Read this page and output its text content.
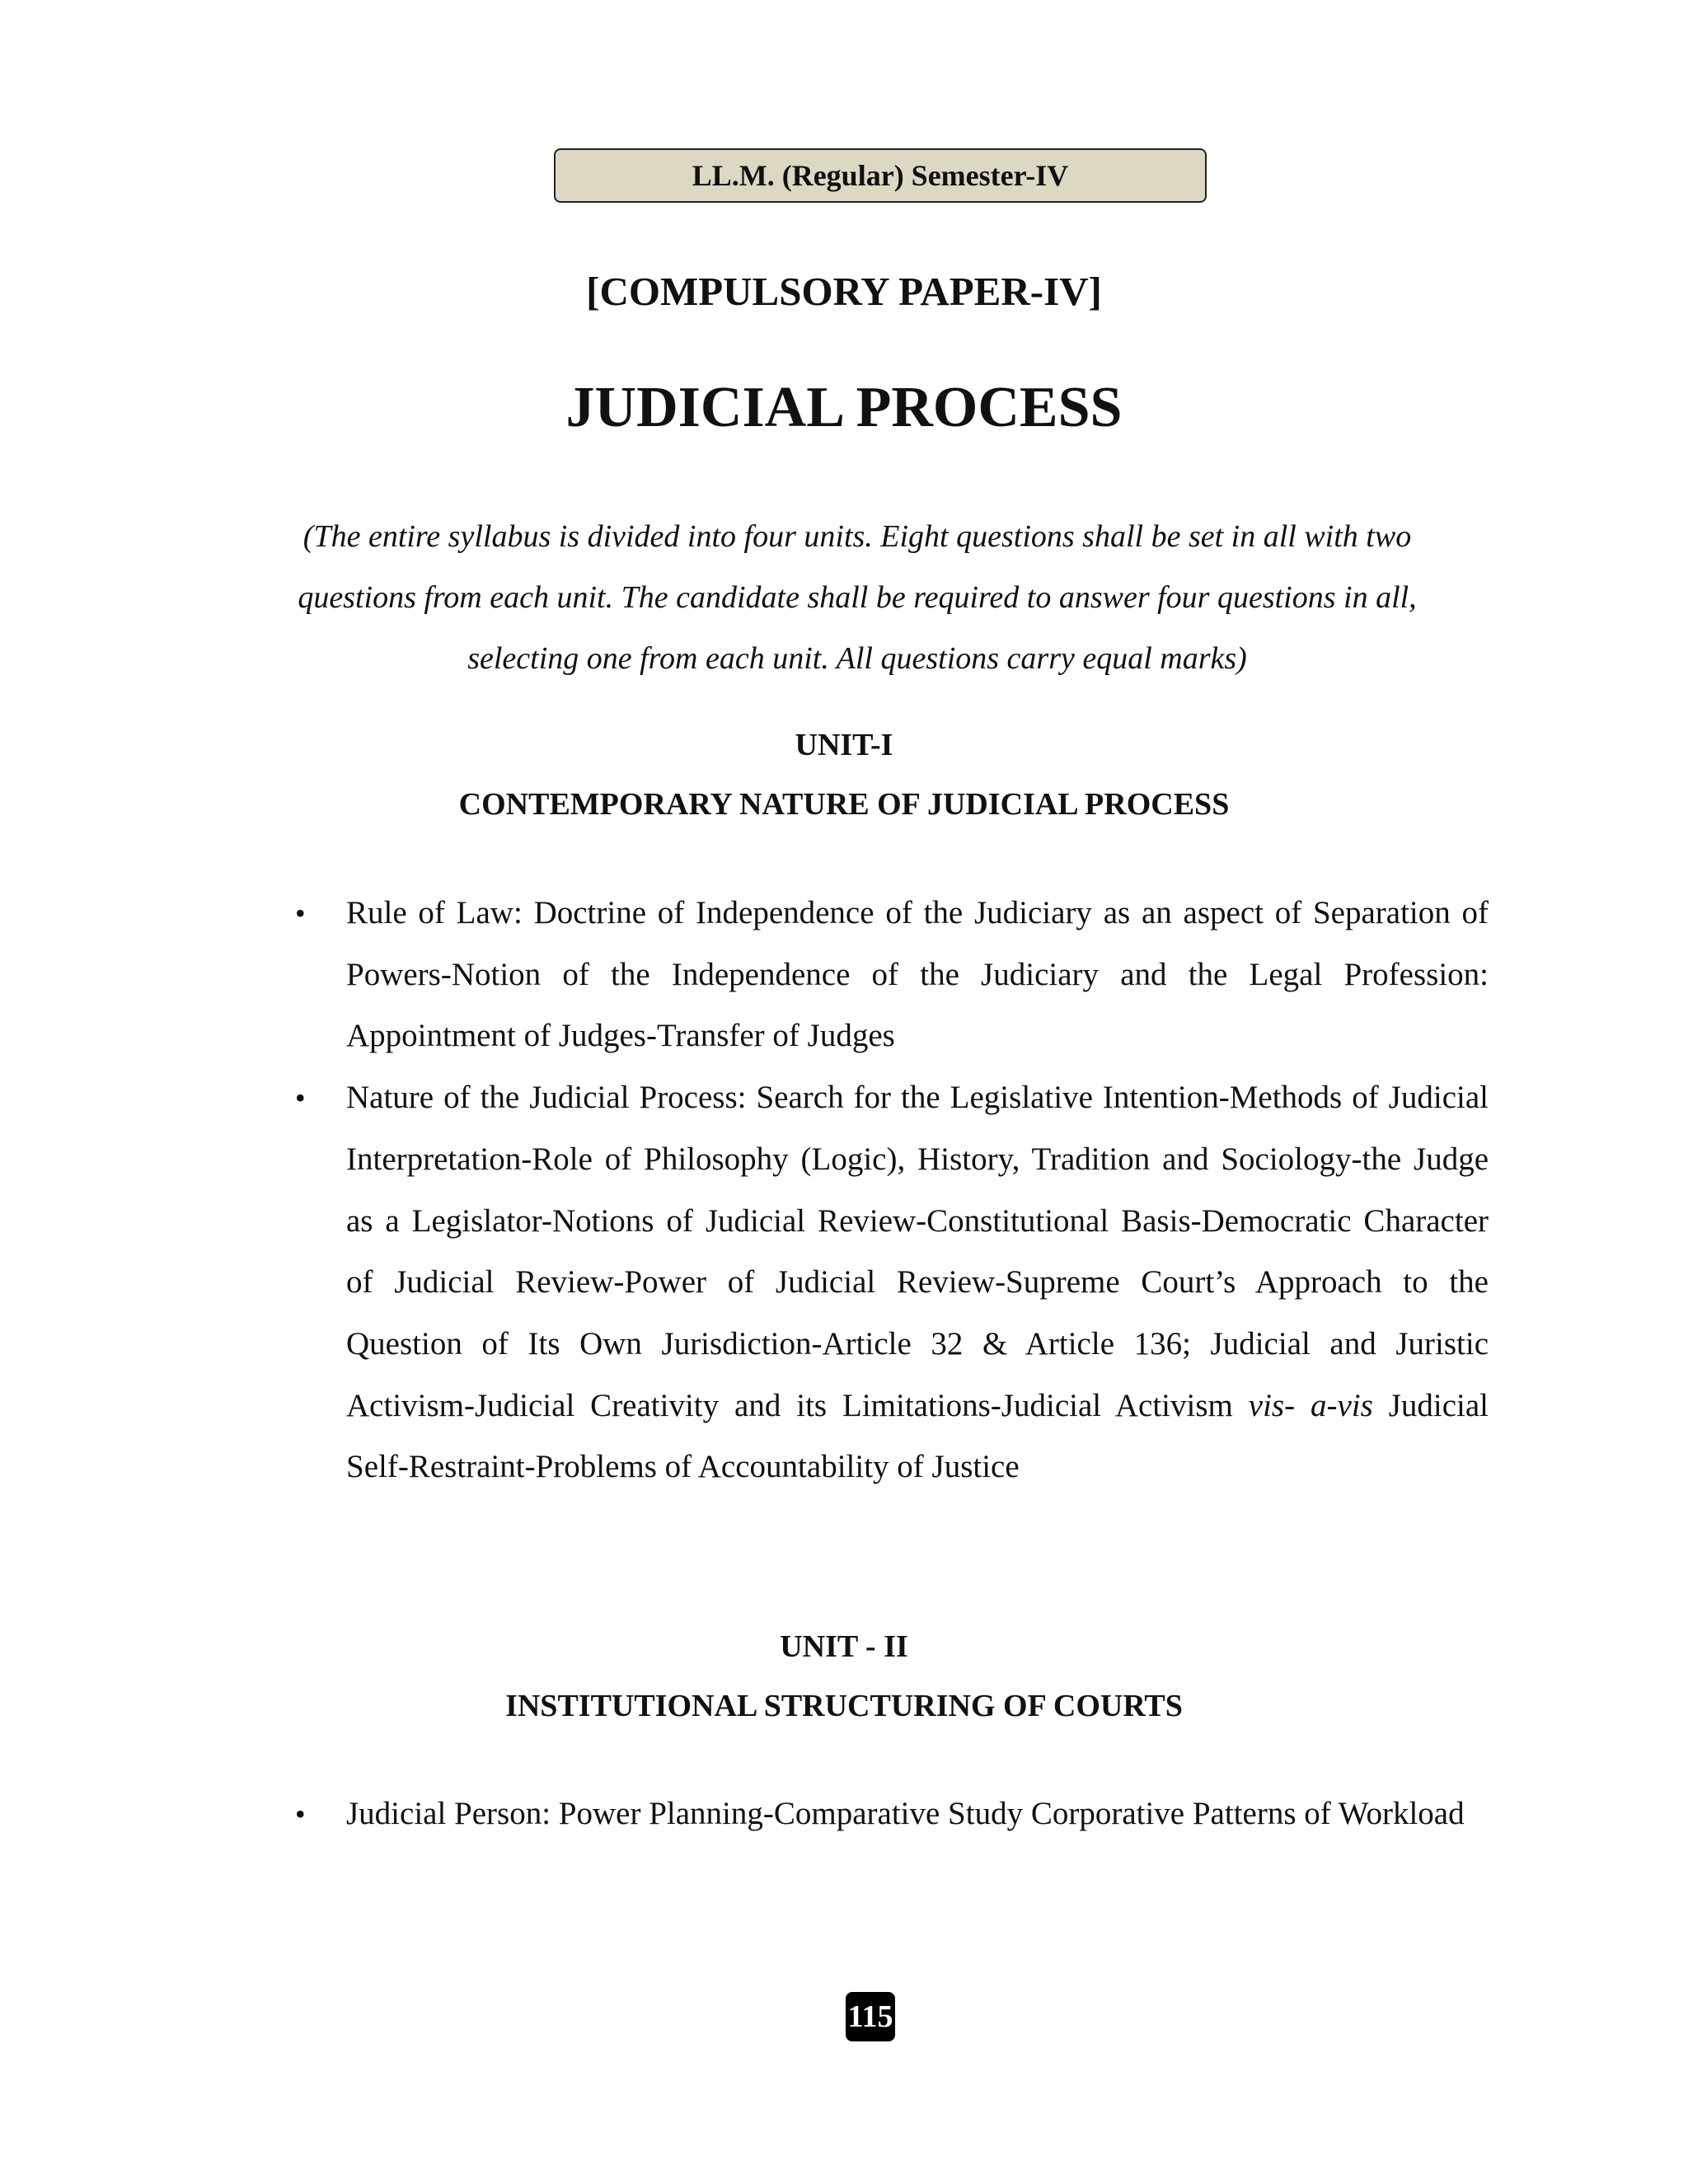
LL.M. (Regular) Semester-IV
[COMPULSORY PAPER-IV]
JUDICIAL PROCESS
(The entire syllabus is divided into four units. Eight questions shall be set in all with two questions from each unit. The candidate shall be required to answer four questions in all, selecting one from each unit. All questions carry equal marks)
UNIT-I
CONTEMPORARY NATURE OF JUDICIAL PROCESS
• Rule of Law: Doctrine of Independence of the Judiciary as an aspect of Separation of Powers-Notion of the Independence of the Judiciary and the Legal Profession: Appointment of Judges-Transfer of Judges
• Nature of the Judicial Process: Search for the Legislative Intention-Methods of Judicial Interpretation-Role of Philosophy (Logic), History, Tradition and Sociology-the Judge as a Legislator-Notions of Judicial Review-Constitutional Basis-Democratic Character of Judicial Review-Power of Judicial Review-Supreme Court’s Approach to the Question of Its Own Jurisdiction-Article 32 & Article 136; Judicial and Juristic Activism-Judicial Creativity and its Limitations-Judicial Activism vis- a-vis Judicial Self-Restraint-Problems of Accountability of Justice
UNIT - II
INSTITUTIONAL STRUCTURING OF COURTS
• Judicial Person: Power Planning-Comparative Study Corporative Patterns of Workload
115
